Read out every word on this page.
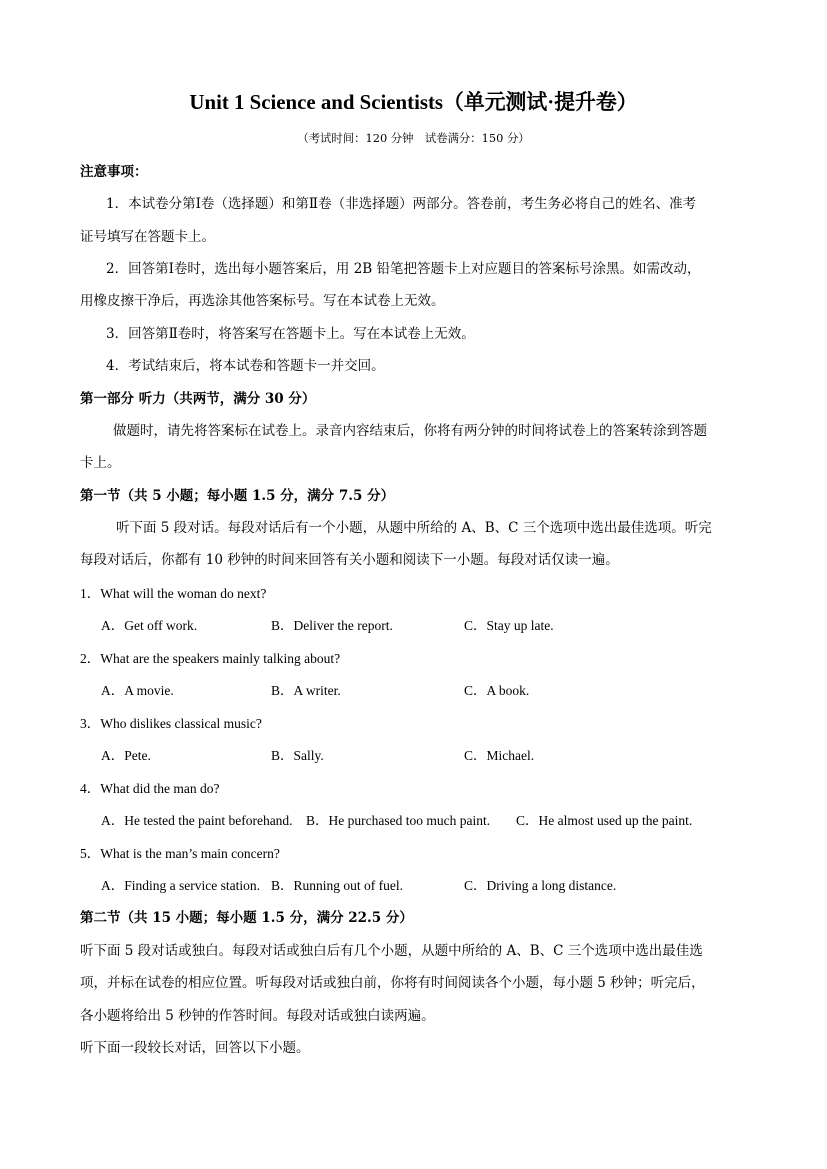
Unit 1 Science and Scientists（单元测试·提升卷）
（考试时间：120 分钟　试卷满分：150 分）
注意事项：
1．本试卷分第Ⅰ卷（选择题）和第Ⅱ卷（非选择题）两部分。答卷前，考生务必将自己的姓名、准考
证号填写在答题卡上。
2．回答第Ⅰ卷时，选出每小题答案后，用 2B 铅笔把答题卡上对应题目的答案标号涂黑。如需改动，
用橡皮擦干净后，再选涂其他答案标号。写在本试卷上无效。
3．回答第Ⅱ卷时，将答案写在答题卡上。写在本试卷上无效。
4．考试结束后，将本试卷和答题卡一并交回。
第一部分 听力（共两节，满分 30 分）
做题时，请先将答案标在试卷上。录音内容结束后，你将有两分钟的时间将试卷上的答案转涂到答题
卡上。
第一节（共 5 小题；每小题 1.5 分，满分 7.5 分）
听下面 5 段对话。每段对话后有一个小题，从题中所给的 A、B、C 三个选项中选出最佳选项。听完
每段对话后，你都有 10 秒钟的时间来回答有关小题和阅读下一小题。每段对话仅读一遍。
1．What will the woman do next?
A．Get off work.	B．Deliver the report.	C．Stay up late.
2．What are the speakers mainly talking about?
A．A movie.	B．A writer.	C．A book.
3．Who dislikes classical music?
A．Pete.	B．Sally.	C．Michael.
4．What did the man do?
A．He tested the paint beforehand. B．He purchased too much paint. C．He almost used up the paint.
5．What is the man’s main concern?
A．Finding a service station. B．Running out of fuel.	C．Driving a long distance.
第二节（共 15 小题；每小题 1.5 分，满分 22.5 分）
听下面 5 段对话或独白。每段对话或独白后有几个小题，从题中所给的 A、B、C 三个选项中选出最佳选
项，并标在试卷的相应位置。听每段对话或独白前，你将有时间阅读各个小题，每小题 5 秒钟；听完后，
各小题将给出 5 秒钟的作答时间。每段对话或独白读两遍。
听下面一段较长对话，回答以下小题。
